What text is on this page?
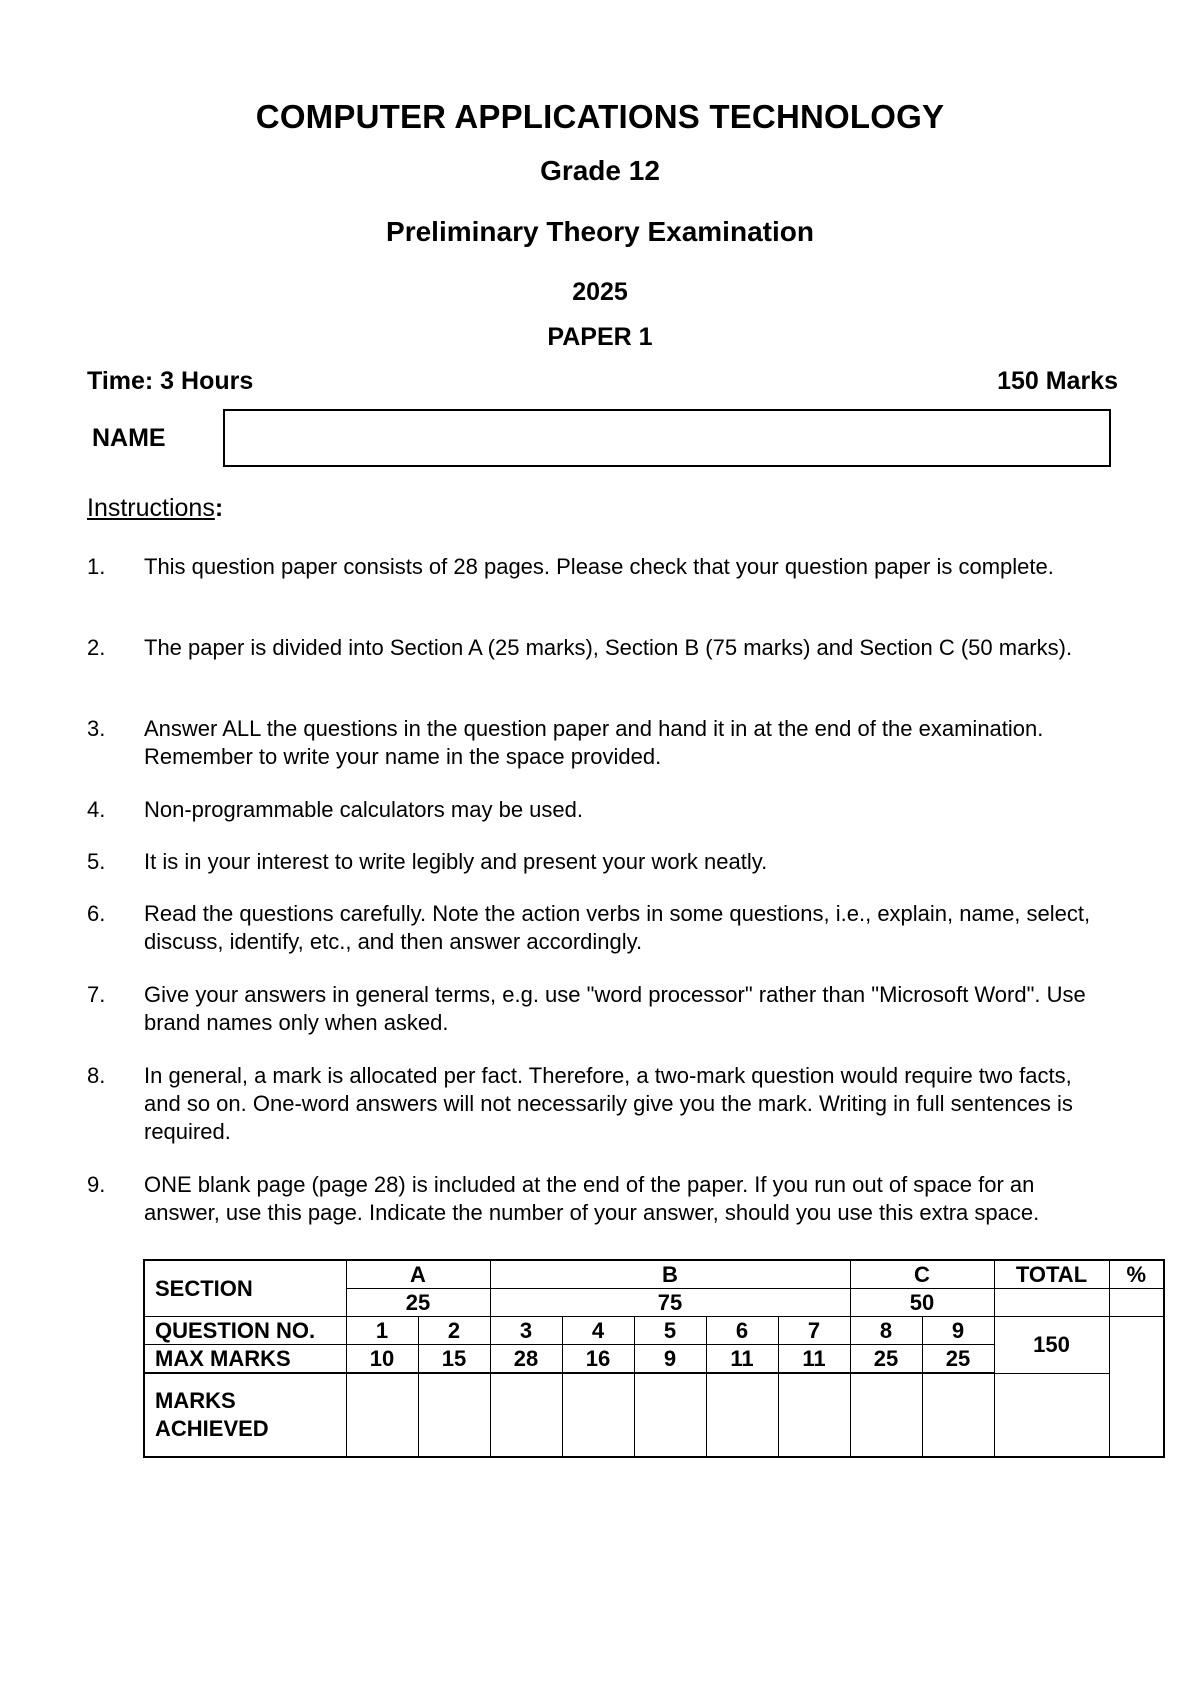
COMPUTER APPLICATIONS TECHNOLOGY
Grade 12
Preliminary Theory Examination
2025
PAPER 1
Time: 3 Hours	150 Marks
NAME
Instructions:
1. This question paper consists of 28 pages. Please check that your question paper is complete.
2. The paper is divided into Section A (25 marks), Section B (75 marks) and Section C (50 marks).
3. Answer ALL the questions in the question paper and hand it in at the end of the examination. Remember to write your name in the space provided.
4. Non-programmable calculators may be used.
5. It is in your interest to write legibly and present your work neatly.
6. Read the questions carefully. Note the action verbs in some questions, i.e., explain, name, select, discuss, identify, etc., and then answer accordingly.
7. Give your answers in general terms, e.g. use "word processor" rather than "Microsoft Word". Use brand names only when asked.
8. In general, a mark is allocated per fact. Therefore, a two-mark question would require two facts, and so on. One-word answers will not necessarily give you the mark. Writing in full sentences is required.
9. ONE blank page (page 28) is included at the end of the paper. If you run out of space for an answer, use this page. Indicate the number of your answer, should you use this extra space.
SECTION	A		B					C		TOTAL	%
	25		75					50			
QUESTION NO.	1	2	3	4	5	6	7	8	9	150	
MAX MARKS	10	15	28	16	9	11	11	25	25		
MARKS
ACHIEVED											
